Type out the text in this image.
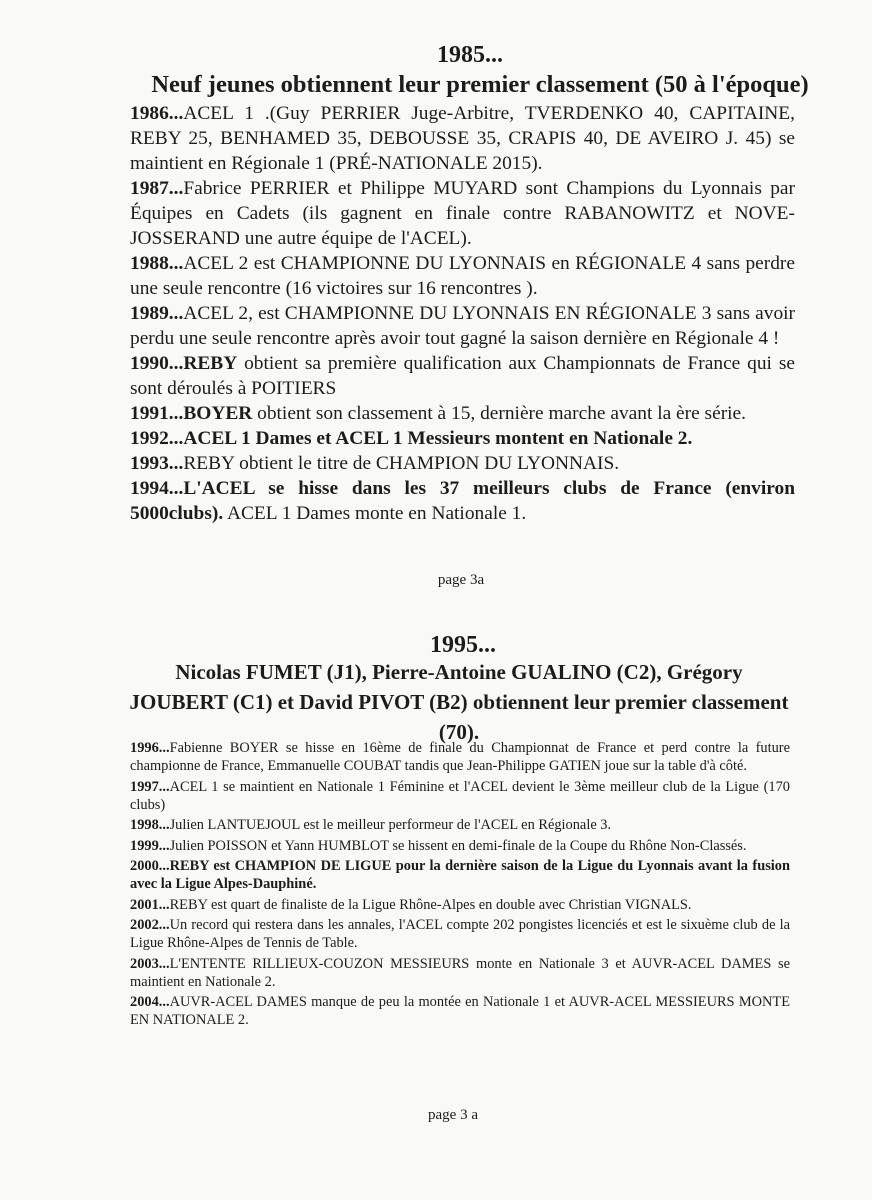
1985...
Neuf jeunes obtiennent leur premier classement (50 à l'époque)

1986...ACEL 1 .(Guy PERRIER Juge-Arbitre, TVERDENKO 40, CAPITAINE, REBY 25, BENHAMED 35, DEBOUSSE 35, CRAPIS 40, DE AVEIRO J. 45) se maintient en Régionale 1 (PRÉ-NATIONALE 2015).

1987...Fabrice PERRIER et Philippe MUYARD sont Champions du Lyonnais par Équipes en Cadets (ils gagnent en finale contre RABANOWITZ et NOVE-JOSSERAND une autre équipe de l'ACEL).

1988...ACEL 2 est CHAMPIONNE DU LYONNAIS en RÉGIONALE 4 sans perdre une seule rencontre (16 victoires sur 16 rencontres ).

1989...ACEL 2, est CHAMPIONNE DU LYONNAIS EN RÉGIONALE 3 sans avoir perdu une seule rencontre après avoir tout gagné la saison dernière en Régionale 4 !

1990...REBY obtient sa première qualification aux Championnats de France qui se sont déroulés à POITIERS

1991...BOYER obtient son classement à 15, dernière marche avant la ère série.

1992...ACEL 1 Dames et ACEL 1 Messieurs montent en Nationale 2.

1993...REBY obtient le titre de CHAMPION DU LYONNAIS.

1994...L'ACEL se hisse dans les 37 meilleurs clubs de France (environ 5000clubs). ACEL 1 Dames monte en Nationale 1.

page 3a
1995...
Nicolas FUMET (J1), Pierre-Antoine GUALINO (C2), Grégory
JOUBERT (C1) et David PIVOT (B2) obtiennent leur premier classement
(70).

1996...Fabienne BOYER se hisse en 16ème de finale du Championnat de France et perd contre la future championne de France, Emmanuelle COUBAT tandis que Jean-Philippe GATIEN joue sur la table d'à côté.

1997...ACEL 1 se maintient en Nationale 1 Féminine et l'ACEL devient le 3ème meilleur club de la Ligue (170 clubs)

1998...Julien LANTUEJOUL est le meilleur performeur de l'ACEL en Régionale 3.

1999...Julien POISSON et Yann HUMBLOT se hissent en demi-finale de la Coupe du Rhône Non-Classés.

2000...REBY est CHAMPION DE LIGUE pour la dernière saison de la Ligue du Lyonnais avant la fusion avec la Ligue Alpes-Dauphiné.

2001...REBY est quart de finaliste de la Ligue Rhône-Alpes en double avec Christian VIGNALS.

2002...Un record qui restera dans les annales, l'ACEL compte 202 pongistes licenciés et est le sixuème club de la Ligue Rhône-Alpes de Tennis de Table.

2003...L'ENTENTE RILLIEUX-COUZON MESSIEURS monte en Nationale 3 et AUVR-ACEL DAMES se maintient en Nationale 2.

2004...AUVR-ACEL DAMES manque de peu la montée en Nationale 1 et AUVR-ACEL MESSIEURS MONTE EN NATIONALE 2.

page 3 a
